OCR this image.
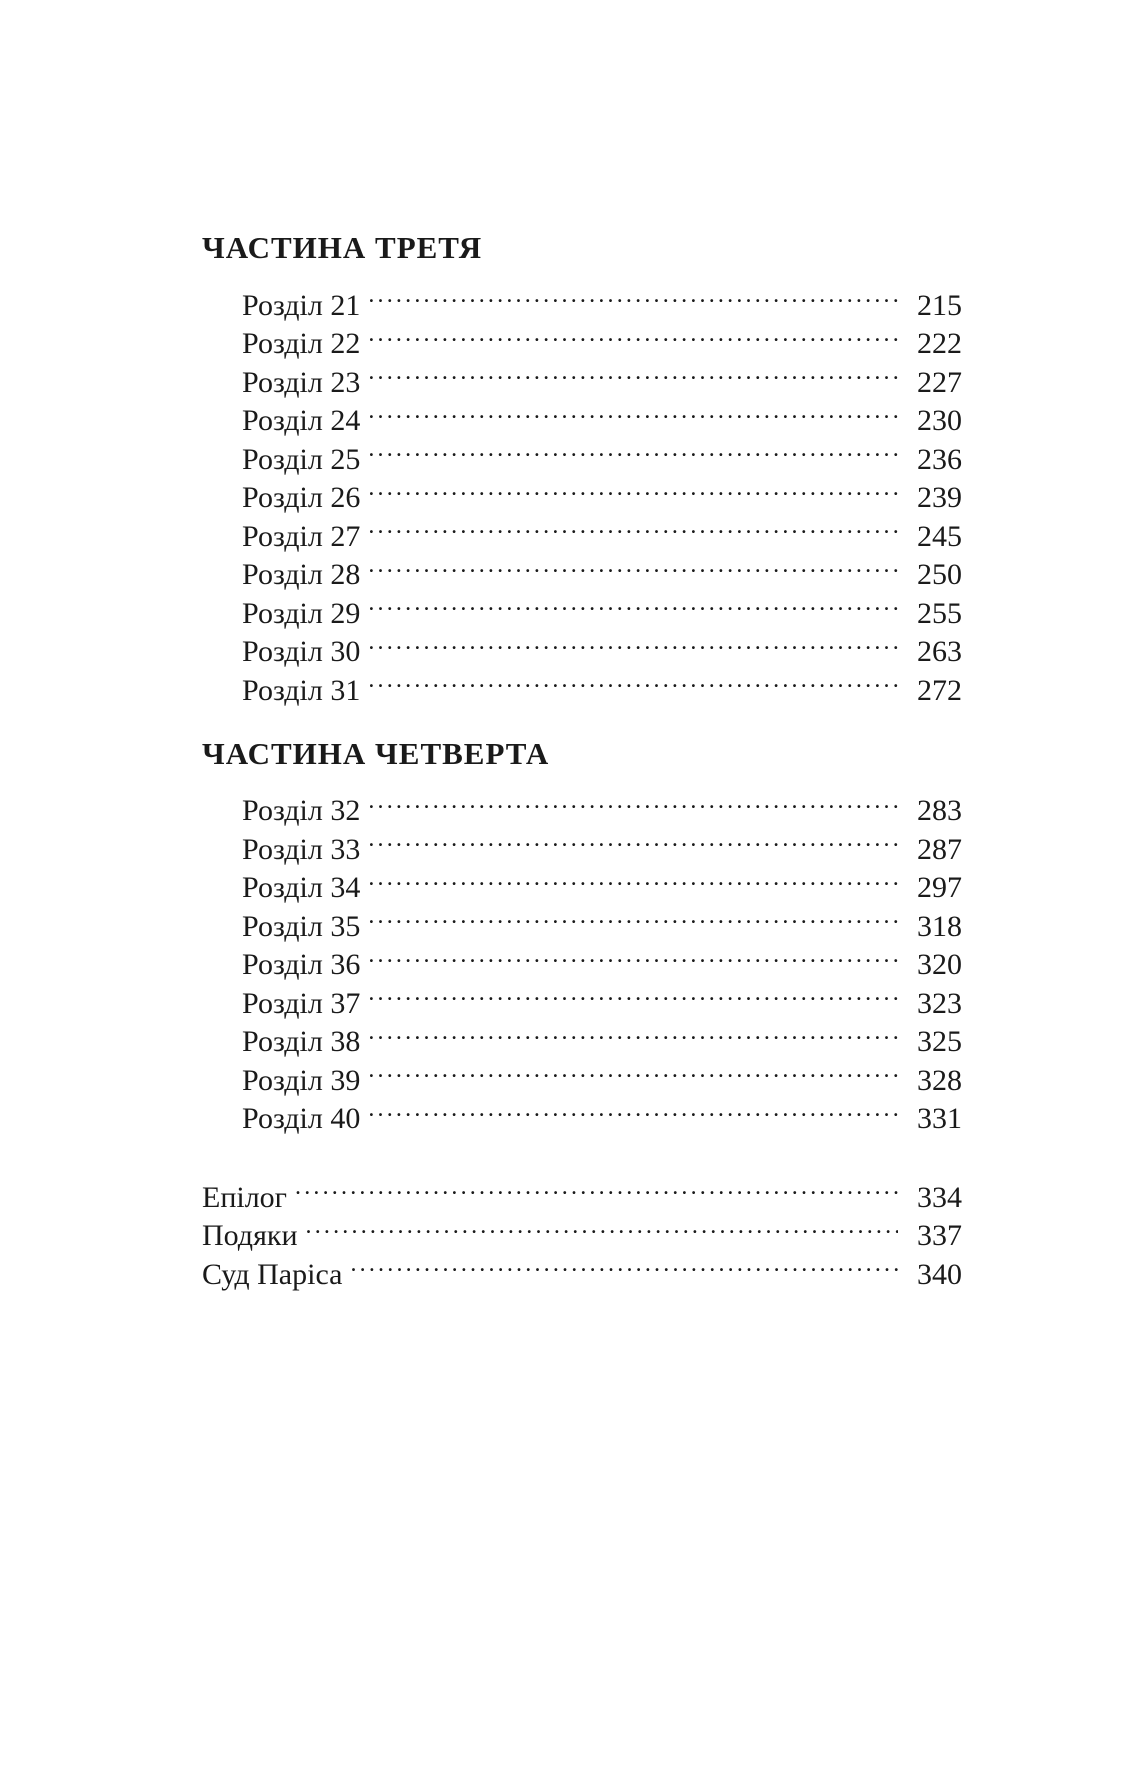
ЧАСТИНА ТРЕТЯ
Розділ 21 . . .	215
Розділ 22 . . .	222
Розділ 23 . . .	227
Розділ 24 . . .	230
Розділ 25 . . .	236
Розділ 26 . . .	239
Розділ 27 . . .	245
Розділ 28 . . .	250
Розділ 29 . . .	255
Розділ 30 . . .	263
Розділ 31 . . .	272
ЧАСТИНА ЧЕТВЕРТА
Розділ 32 . . .	283
Розділ 33 . . .	287
Розділ 34 . . .	297
Розділ 35 . . .	318
Розділ 36 . . .	320
Розділ 37 . . .	323
Розділ 38 . . .	325
Розділ 39 . . .	328
Розділ 40 . . .	331
Епілог . . .	334
Подяки . . .	337
Суд Паріса . . .	340
